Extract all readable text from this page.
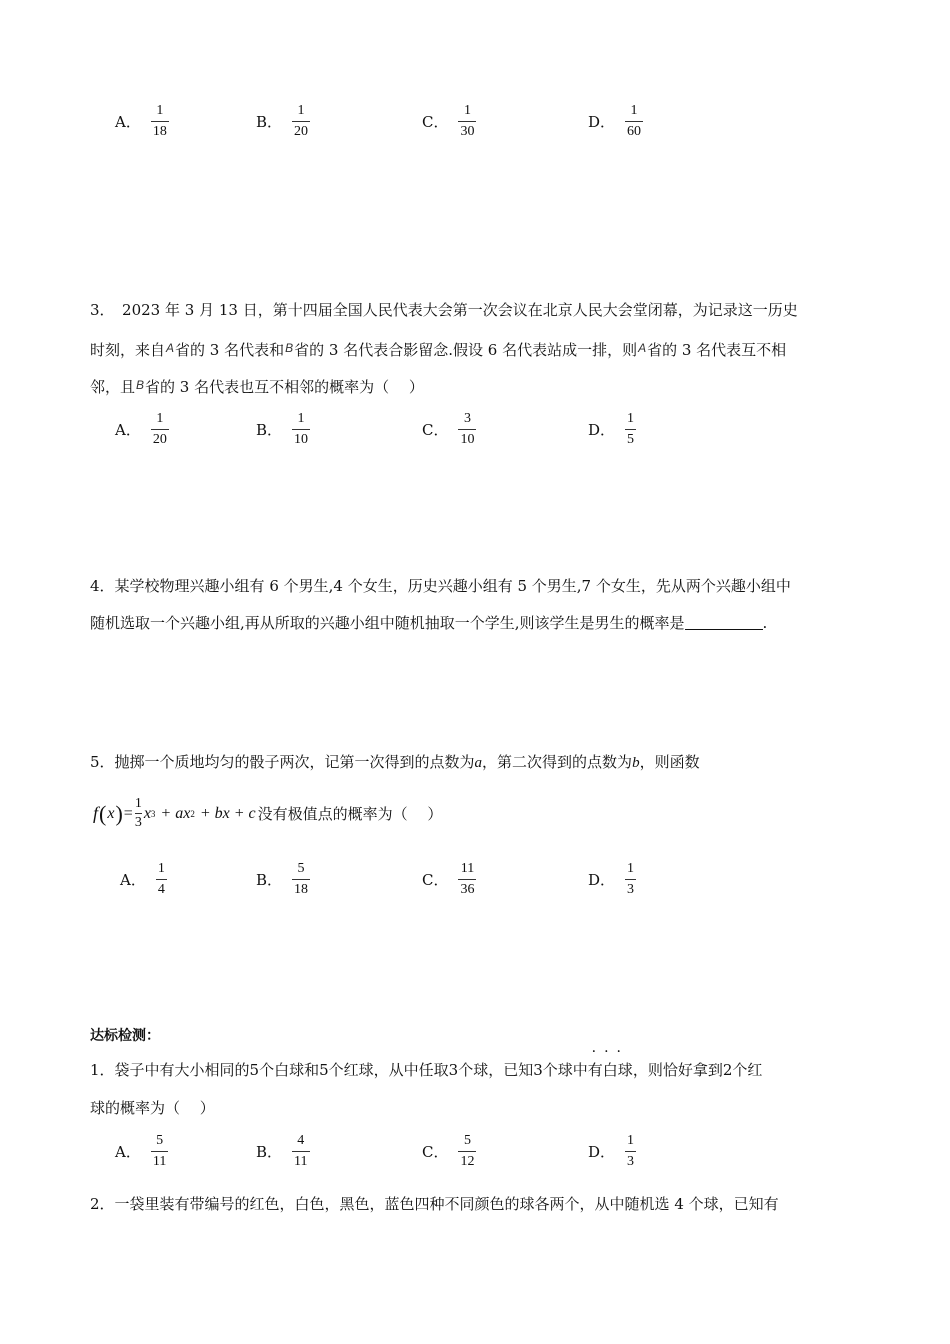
A． $\frac{1}{18}$	B． $\frac{1}{20}$	C． $\frac{1}{30}$	D． $\frac{1}{60}$
3．　2023 年 3 月 13 日，第十四届全国人民代表大会第一次会议在北京人民大会堂闭幕，为记录这一历史
时刻，来自$^A$省的 3 名代表和$^B$省的 3 名代表合影留念.假设 6 名代表站成一排，则$^A$省的 3 名代表互不相
邻，且$^B$省的 3 名代表也互不相邻的概率为（　 ）
A． $\frac{1}{20}$	B． $\frac{1}{10}$	C． $\frac{3}{10}$	D． $\frac{1}{5}$
4．某学校物理兴趣小组有 6 个男生,4 个女生，历史兴趣小组有 5 个男生,7 个女生，先从两个兴趣小组中
随机选取一个兴趣小组,再从所取的兴趣小组中随机抽取一个学生,则该学生是男生的概率是	.
5．抛掷一个质地均匀的骰子两次，记第一次得到的点数为a，第二次得到的点数为b，则函数
f ( x ) =
1
3
x 3 + ax 2 + bx + c 没有极值点的概率为（　 ）
A． $\frac{1}{4}$	B． $\frac{5}{18}$	C． $\frac{11}{36}$	D． $\frac{1}{3}$
达标检测：
1．袋子中有大小相同的5个白球和5个红球，从中任取3个球，已知3个球中
···
有白球，则恰好拿到2个红
球的概率为（　 ）
A． $\frac{5}{11}$	B． $\frac{4}{11}$	C． $\frac{5}{12}$	D． $\frac{1}{3}$
2．一袋里装有带编号的红色，白色，黑色，蓝色四种不同颜色的球各两个，从中随机选 4 个球，已知有
